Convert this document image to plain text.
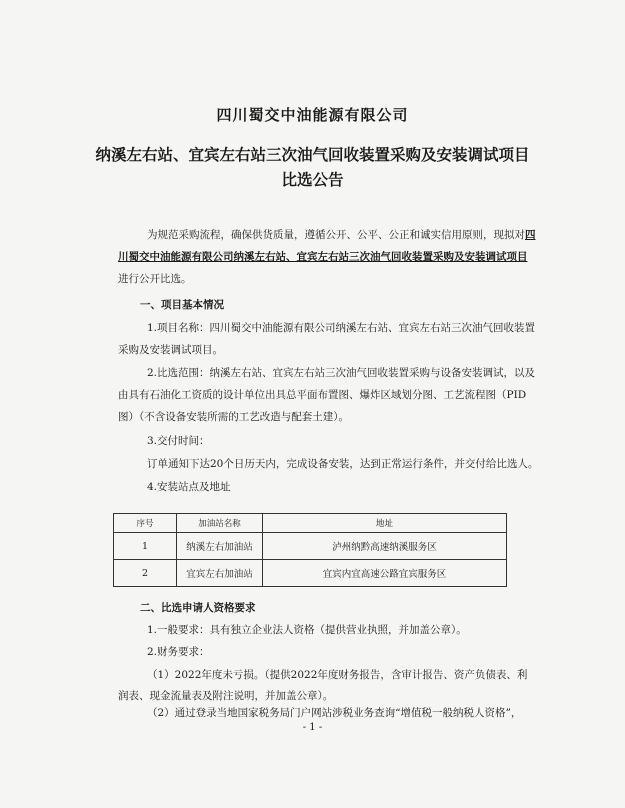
四川蜀交中油能源有限公司
纳溪左右站、宜宾左右站三次油气回收装置采购及安装调试项目
比选公告
为规范采购流程，确保供货质量，遵循公开、公平、公正和诚实信用原则，现拟对四
川蜀交中油能源有限公司纳溪左右站、宜宾左右站三次油气回收装置采购及安装调试项目
进行公开比选。
一、项目基本情况
1.项目名称：四川蜀交中油能源有限公司纳溪左右站、宜宾左右站三次油气回收装置
采购及安装调试项目。
2.比选范围：纳溪左右站、宜宾左右站三次油气回收装置采购与设备安装调试，以及
由具有石油化工资质的设计单位出具总平面布置图、爆炸区域划分图、工艺流程图（PID
图）（不含设备安装所需的工艺改造与配套土建）。
3.交付时间：
订单通知下达20个日历天内，完成设备安装，达到正常运行条件，并交付给比选人。
4.安装站点及地址
序号	加油站名称	地址
1	纳溪左右加油站	泸州纳黔高速纳溪服务区
2	宜宾左右加油站	宜宾内宜高速公路宜宾服务区
二、比选申请人资格要求
1.一般要求：具有独立企业法人资格（提供营业执照，并加盖公章）。
2.财务要求：
（1）2022年度未亏损。（提供2022年度财务报告，含审计报告、资产负债表、利
润表、现金流量表及附注说明，并加盖公章）。
（2）通过登录当地国家税务局门户网站涉税业务查询“增值税一般纳税人资格”，
- 1 -
